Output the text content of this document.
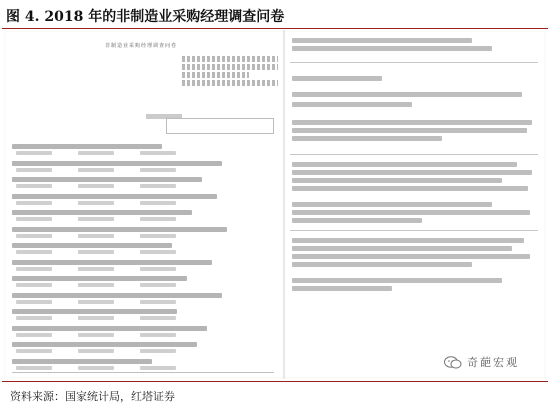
图 4. 2018 年的非制造业采购经理调查问卷
非制造业采购经理调查问卷
奇葩宏观
资料来源：国家统计局，红塔证券
